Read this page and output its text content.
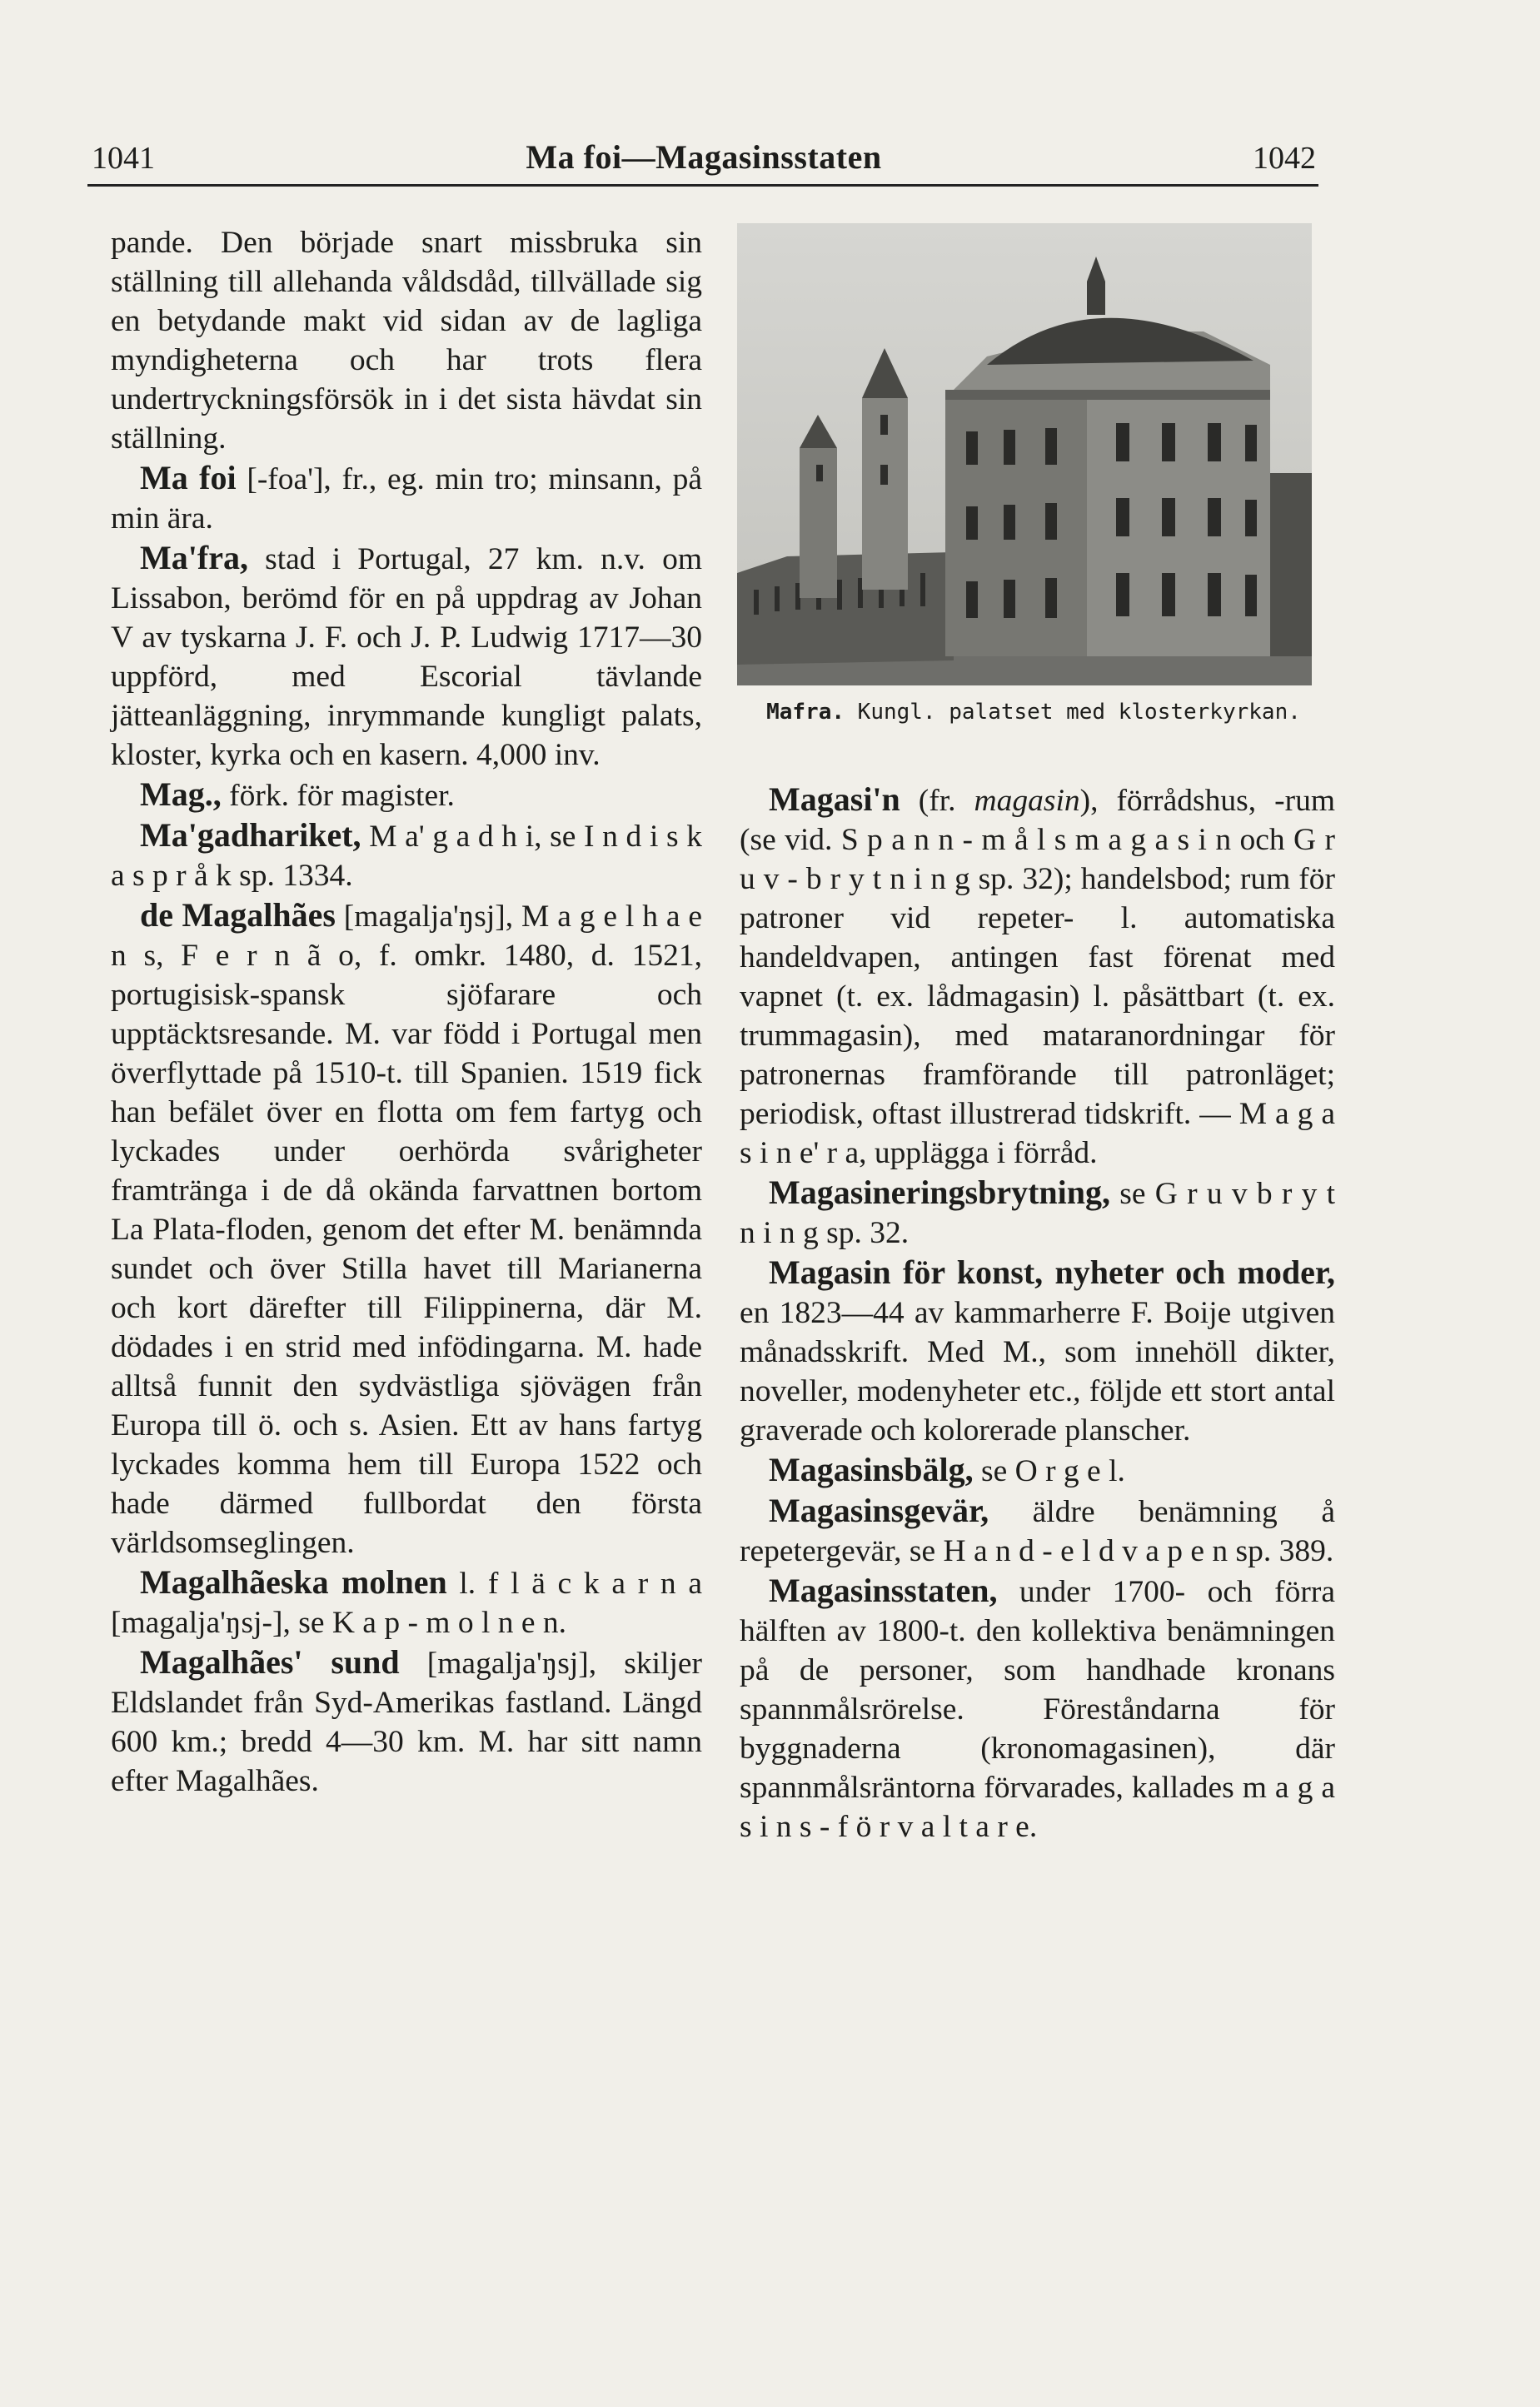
1041	Ma foi—Magasinsstaten	1042

pande. Den började snart missbruka sin ställning till allehanda våldsdåd, tillvällade sig en betydande makt vid sidan av de lagliga myndigheterna och har trots flera undertryckningsförsök in i det sista hävdat sin ställning.

Ma foi [-foa'], fr., eg. min tro; minsann, på min ära.

Ma'fra, stad i Portugal, 27 km. n.v. om Lissabon, berömd för en på uppdrag av Johan V av tyskarna J. F. och J. P. Ludwig 1717—30 uppförd, med Escorial tävlande jätteanläggning, inrymmande kungligt palats, kloster, kyrka och en kasern. 4,000 inv.

Mag., förk. för magister.

Ma'gadhariket, M a' g a d h i, se I n d i s k a s p r å k sp. 1334.

de Magalhães [magalja'ŋsj], M a g e l h a e n s, F e r n ã o, f. omkr. 1480, d. 1521, portugisisk-spansk sjöfarare och upptäcktsresande. M. var född i Portugal men överflyttade på 1510-t. till Spanien. 1519 fick han befälet över en flotta om fem fartyg och lyckades under oerhörda svårigheter framtränga i de då okända farvattnen bortom La Plata-floden, genom det efter M. benämnda sundet och över Stilla havet till Marianerna och kort därefter till Filippinerna, där M. dödades i en strid med infödingarna. M. hade alltså funnit den sydvästliga sjövägen från Europa till ö. och s. Asien. Ett av hans fartyg lyckades komma hem till Europa 1522 och hade därmed fullbordat den första världsomseglingen.

Magalhãeska molnen l. f l ä c k a r n a [magalja'ŋsj-], se K a p - m o l n e n.

Magalhães' sund [magalja'ŋsj], skiljer Eldslandet från Syd-Amerikas fastland. Längd 600 km.; bredd 4—30 km. M. har sitt namn efter Magalhães.

Mafra. Kungl. palatset med klosterkyrkan.

Magasi'n (fr. magasin), förrådshus, -rum (se vid. S p a n n - m å l s m a g a s i n och G r u v - b r y t n i n g sp. 32); handelsbod; rum för patroner vid repeter- l. automatiska handeldvapen, antingen fast förenat med vapnet (t. ex. lådmagasin) l. påsättbart (t. ex. trummagasin), med mataranordningar för patronernas framförande till patronläget; periodisk, oftast illustrerad tidskrift. — M a g a s i n e' r a, upplägga i förråd.

Magasineringsbrytning, se G r u v b r y t n i n g sp. 32.

Magasin för konst, nyheter och moder, en 1823—44 av kammarherre F. Boije utgiven månadsskrift. Med M., som innehöll dikter, noveller, modenyheter etc., följde ett stort antal graverade och kolorerade planscher.

Magasinsbälg, se O r g e l.

Magasinsgevär, äldre benämning å repetergevär, se H a n d - e l d v a p e n sp. 389.

Magasinsstaten, under 1700- och förra hälften av 1800-t. den kollektiva benämningen på de personer, som handhade kronans spannmålsrörelse. Föreståndarna för byggnaderna (kronomagasinen), där spannmålsräntorna förvarades, kallades m a g a s i n s - f ö r v a l t a r e.
